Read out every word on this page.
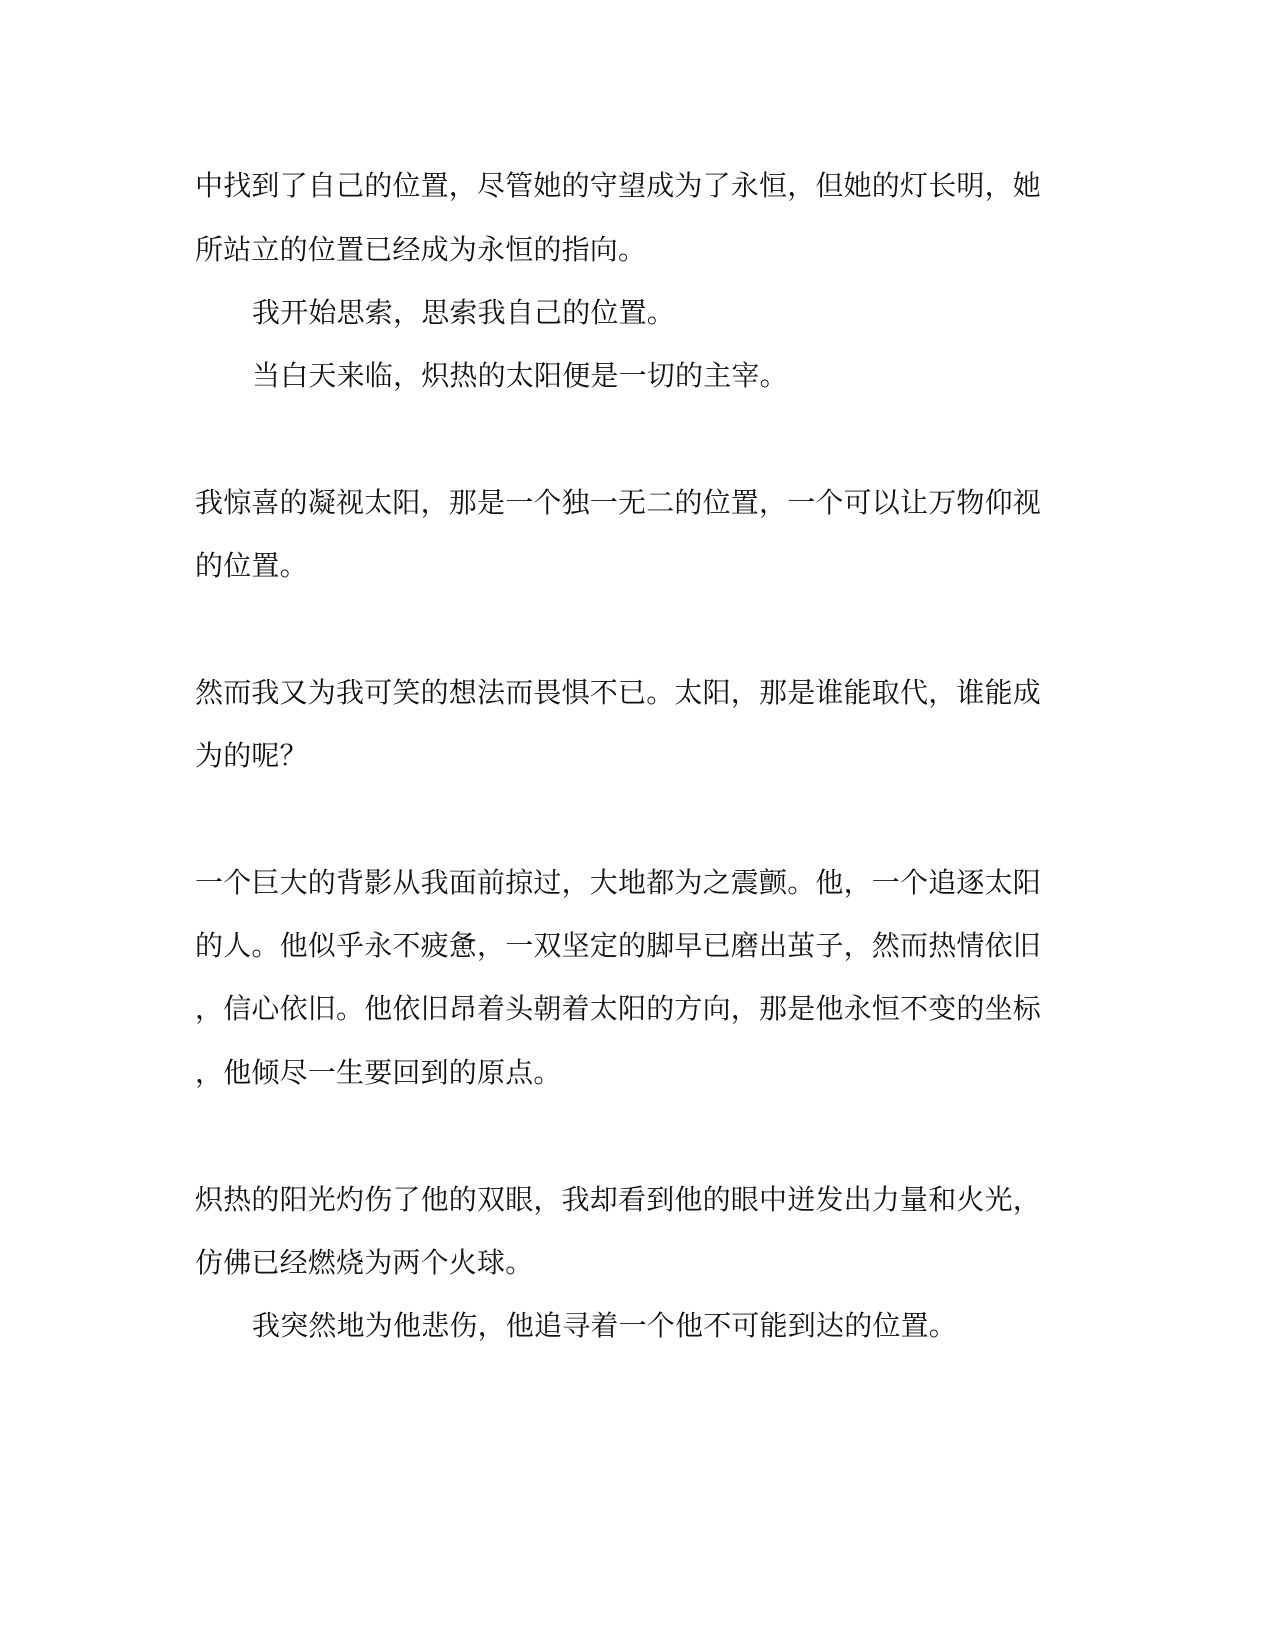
中找到了自己的位置，尽管她的守望成为了永恒，但她的灯长明，她
所站立的位置已经成为永恒的指向。
我开始思索，思索我自己的位置。
当白天来临，炽热的太阳便是一切的主宰。
我惊喜的凝视太阳，那是一个独一无二的位置，一个可以让万物仰视
的位置。
然而我又为我可笑的想法而畏惧不已。太阳，那是谁能取代，谁能成
为的呢？
一个巨大的背影从我面前掠过，大地都为之震颤。他，一个追逐太阳
的人。他似乎永不疲惫，一双坚定的脚早已磨出茧子，然而热情依旧
，信心依旧。他依旧昂着头朝着太阳的方向，那是他永恒不变的坐标
，他倾尽一生要回到的原点。
炽热的阳光灼伤了他的双眼，我却看到他的眼中迸发出力量和火光，
仿佛已经燃烧为两个火球。
我突然地为他悲伤，他追寻着一个他不可能到达的位置。
